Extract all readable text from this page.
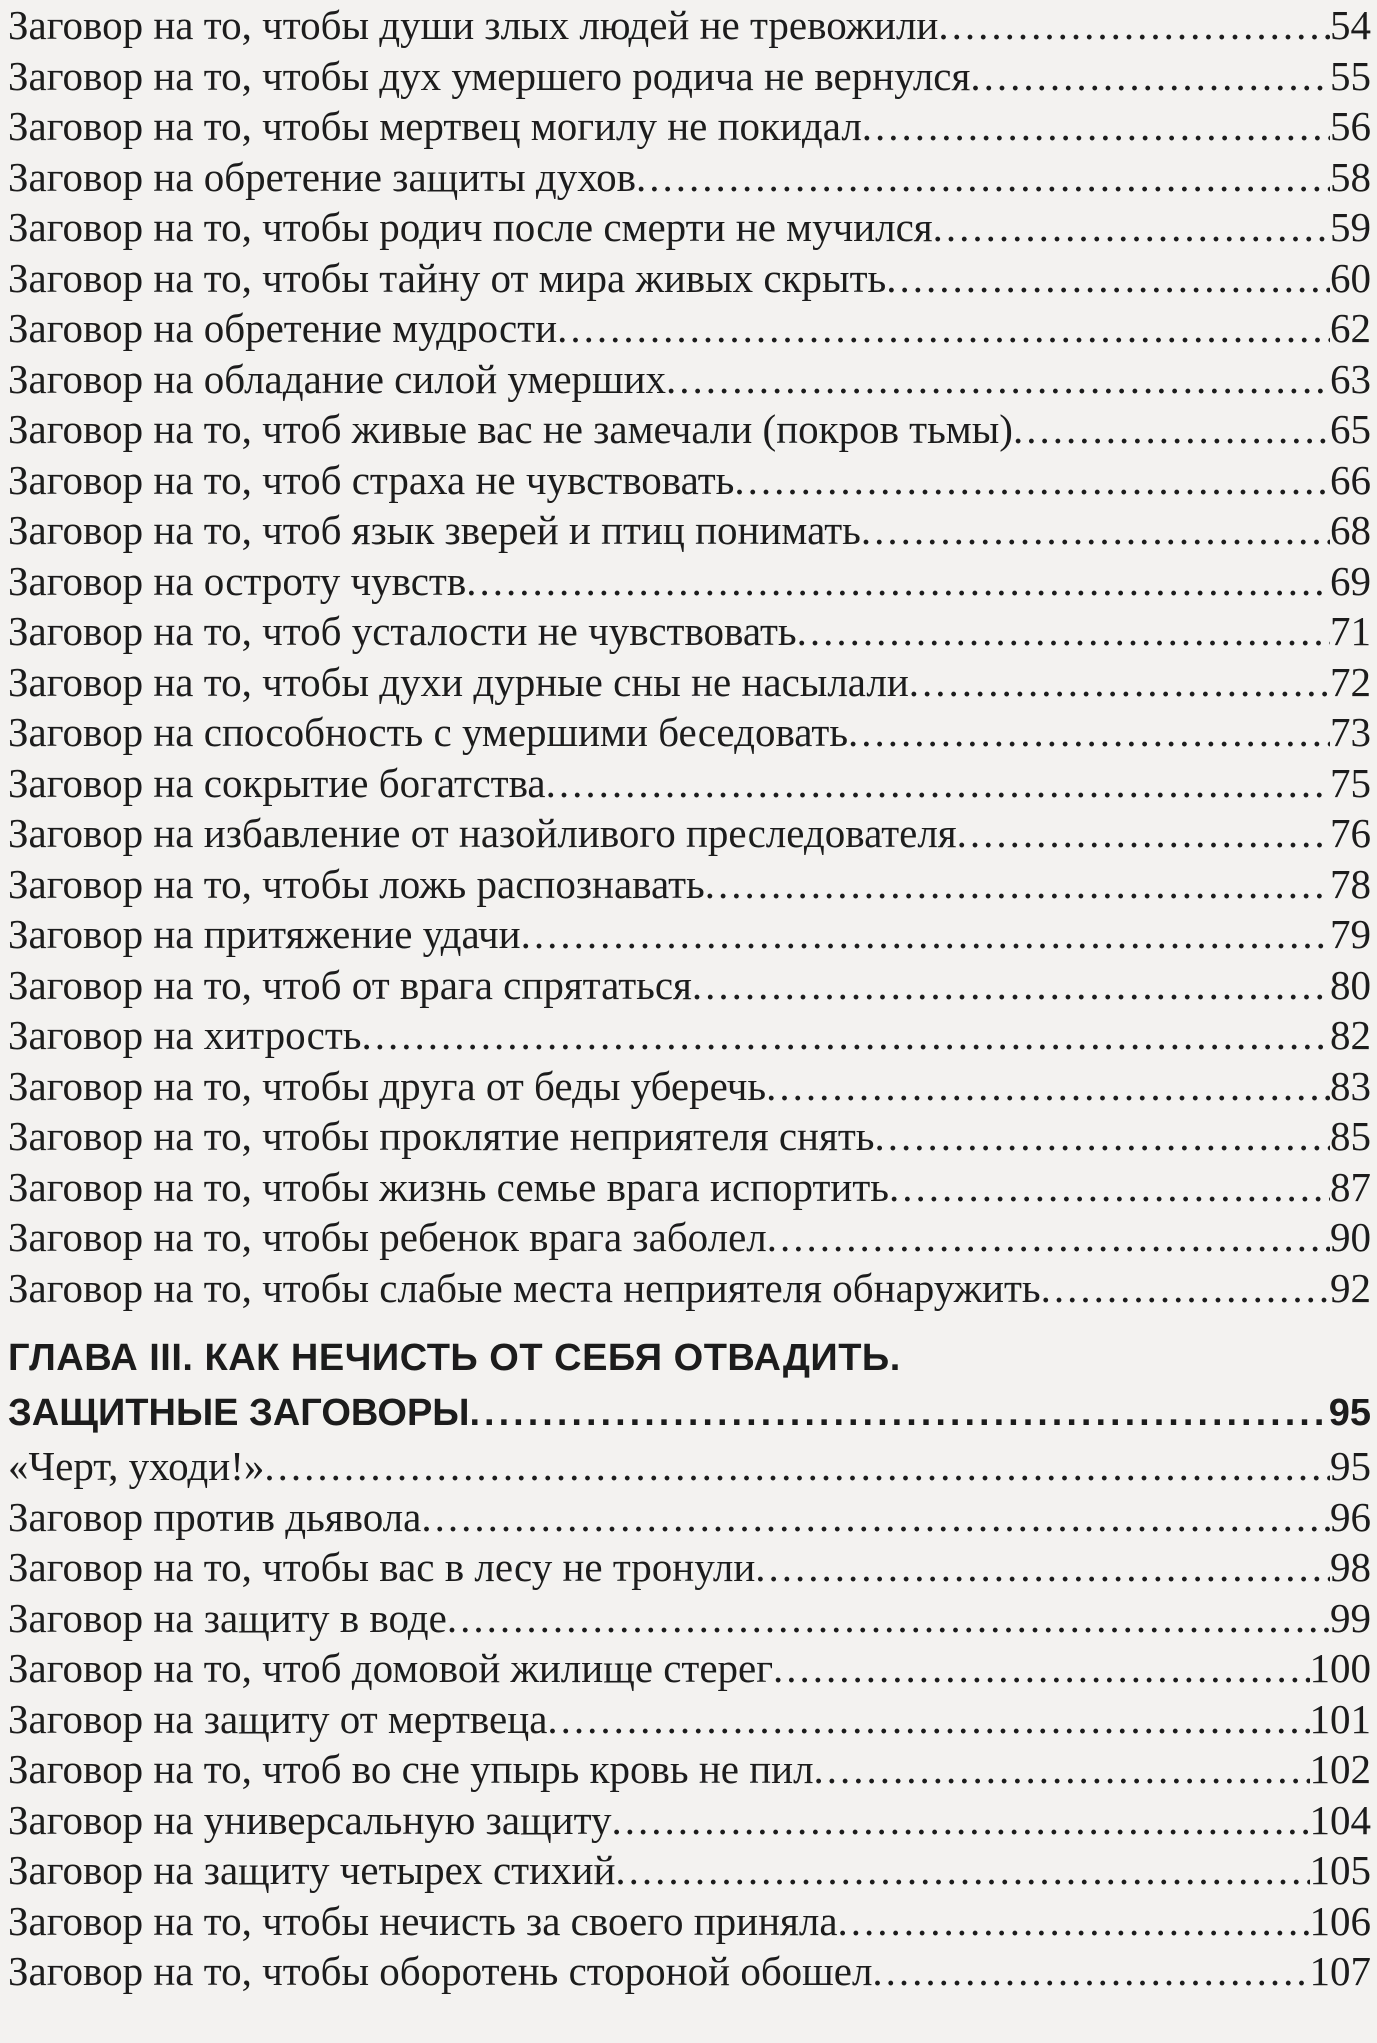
Заговор на то, чтобы души злых людей не тревожили .....	54
Заговор на то, чтобы дух умершего родича не вернулся .....	55
Заговор на то, чтобы мертвец могилу не покидал .....	56
Заговор на обретение защиты духов .....	58
Заговор на то, чтобы родич после смерти не мучился .....	59
Заговор на то, чтобы тайну от мира живых скрыть .....	60
Заговор на обретение мудрости .....	62
Заговор на обладание силой умерших .....	63
Заговор на то, чтоб живые вас не замечали (покров тьмы) .....	65
Заговор на то, чтоб страха не чувствовать .....	66
Заговор на то, чтоб язык зверей и птиц понимать .....	68
Заговор на остроту чувств .....	69
Заговор на то, чтоб усталости не чувствовать .....	71
Заговор на то, чтобы духи дурные сны не насылали .....	72
Заговор на способность с умершими беседовать .....	73
Заговор на сокрытие богатства .....	75
Заговор на избавление от назойливого преследователя .....	76
Заговор на то, чтобы ложь распознавать .....	78
Заговор на притяжение удачи .....	79
Заговор на то, чтоб от врага спрятаться .....	80
Заговор на хитрость .....	82
Заговор на то, чтобы друга от беды уберечь .....	83
Заговор на то, чтобы проклятие неприятеля снять .....	85
Заговор на то, чтобы жизнь семье врага испортить .....	87
Заговор на то, чтобы ребенок врага заболел .....	90
Заговор на то, чтобы слабые места неприятеля обнаружить .....	92
ГЛАВА III. КАК НЕЧИСТЬ ОТ СЕБЯ ОТВАДИТЬ.
ЗАЩИТНЫЕ ЗАГОВОРЫ .....	95
«Черт, уходи!» .....	95
Заговор против дьявола .....	96
Заговор на то, чтобы вас в лесу не тронули .....	98
Заговор на защиту в воде .....	99
Заговор на то, чтоб домовой жилище стерег .....	100
Заговор на защиту от мертвеца .....	101
Заговор на то, чтоб во сне упырь кровь не пил .....	102
Заговор на универсальную защиту .....	104
Заговор на защиту четырех стихий .....	105
Заговор на то, чтобы нечисть за своего приняла .....	106
Заговор на то, чтобы оборотень стороной обошел .....	107
